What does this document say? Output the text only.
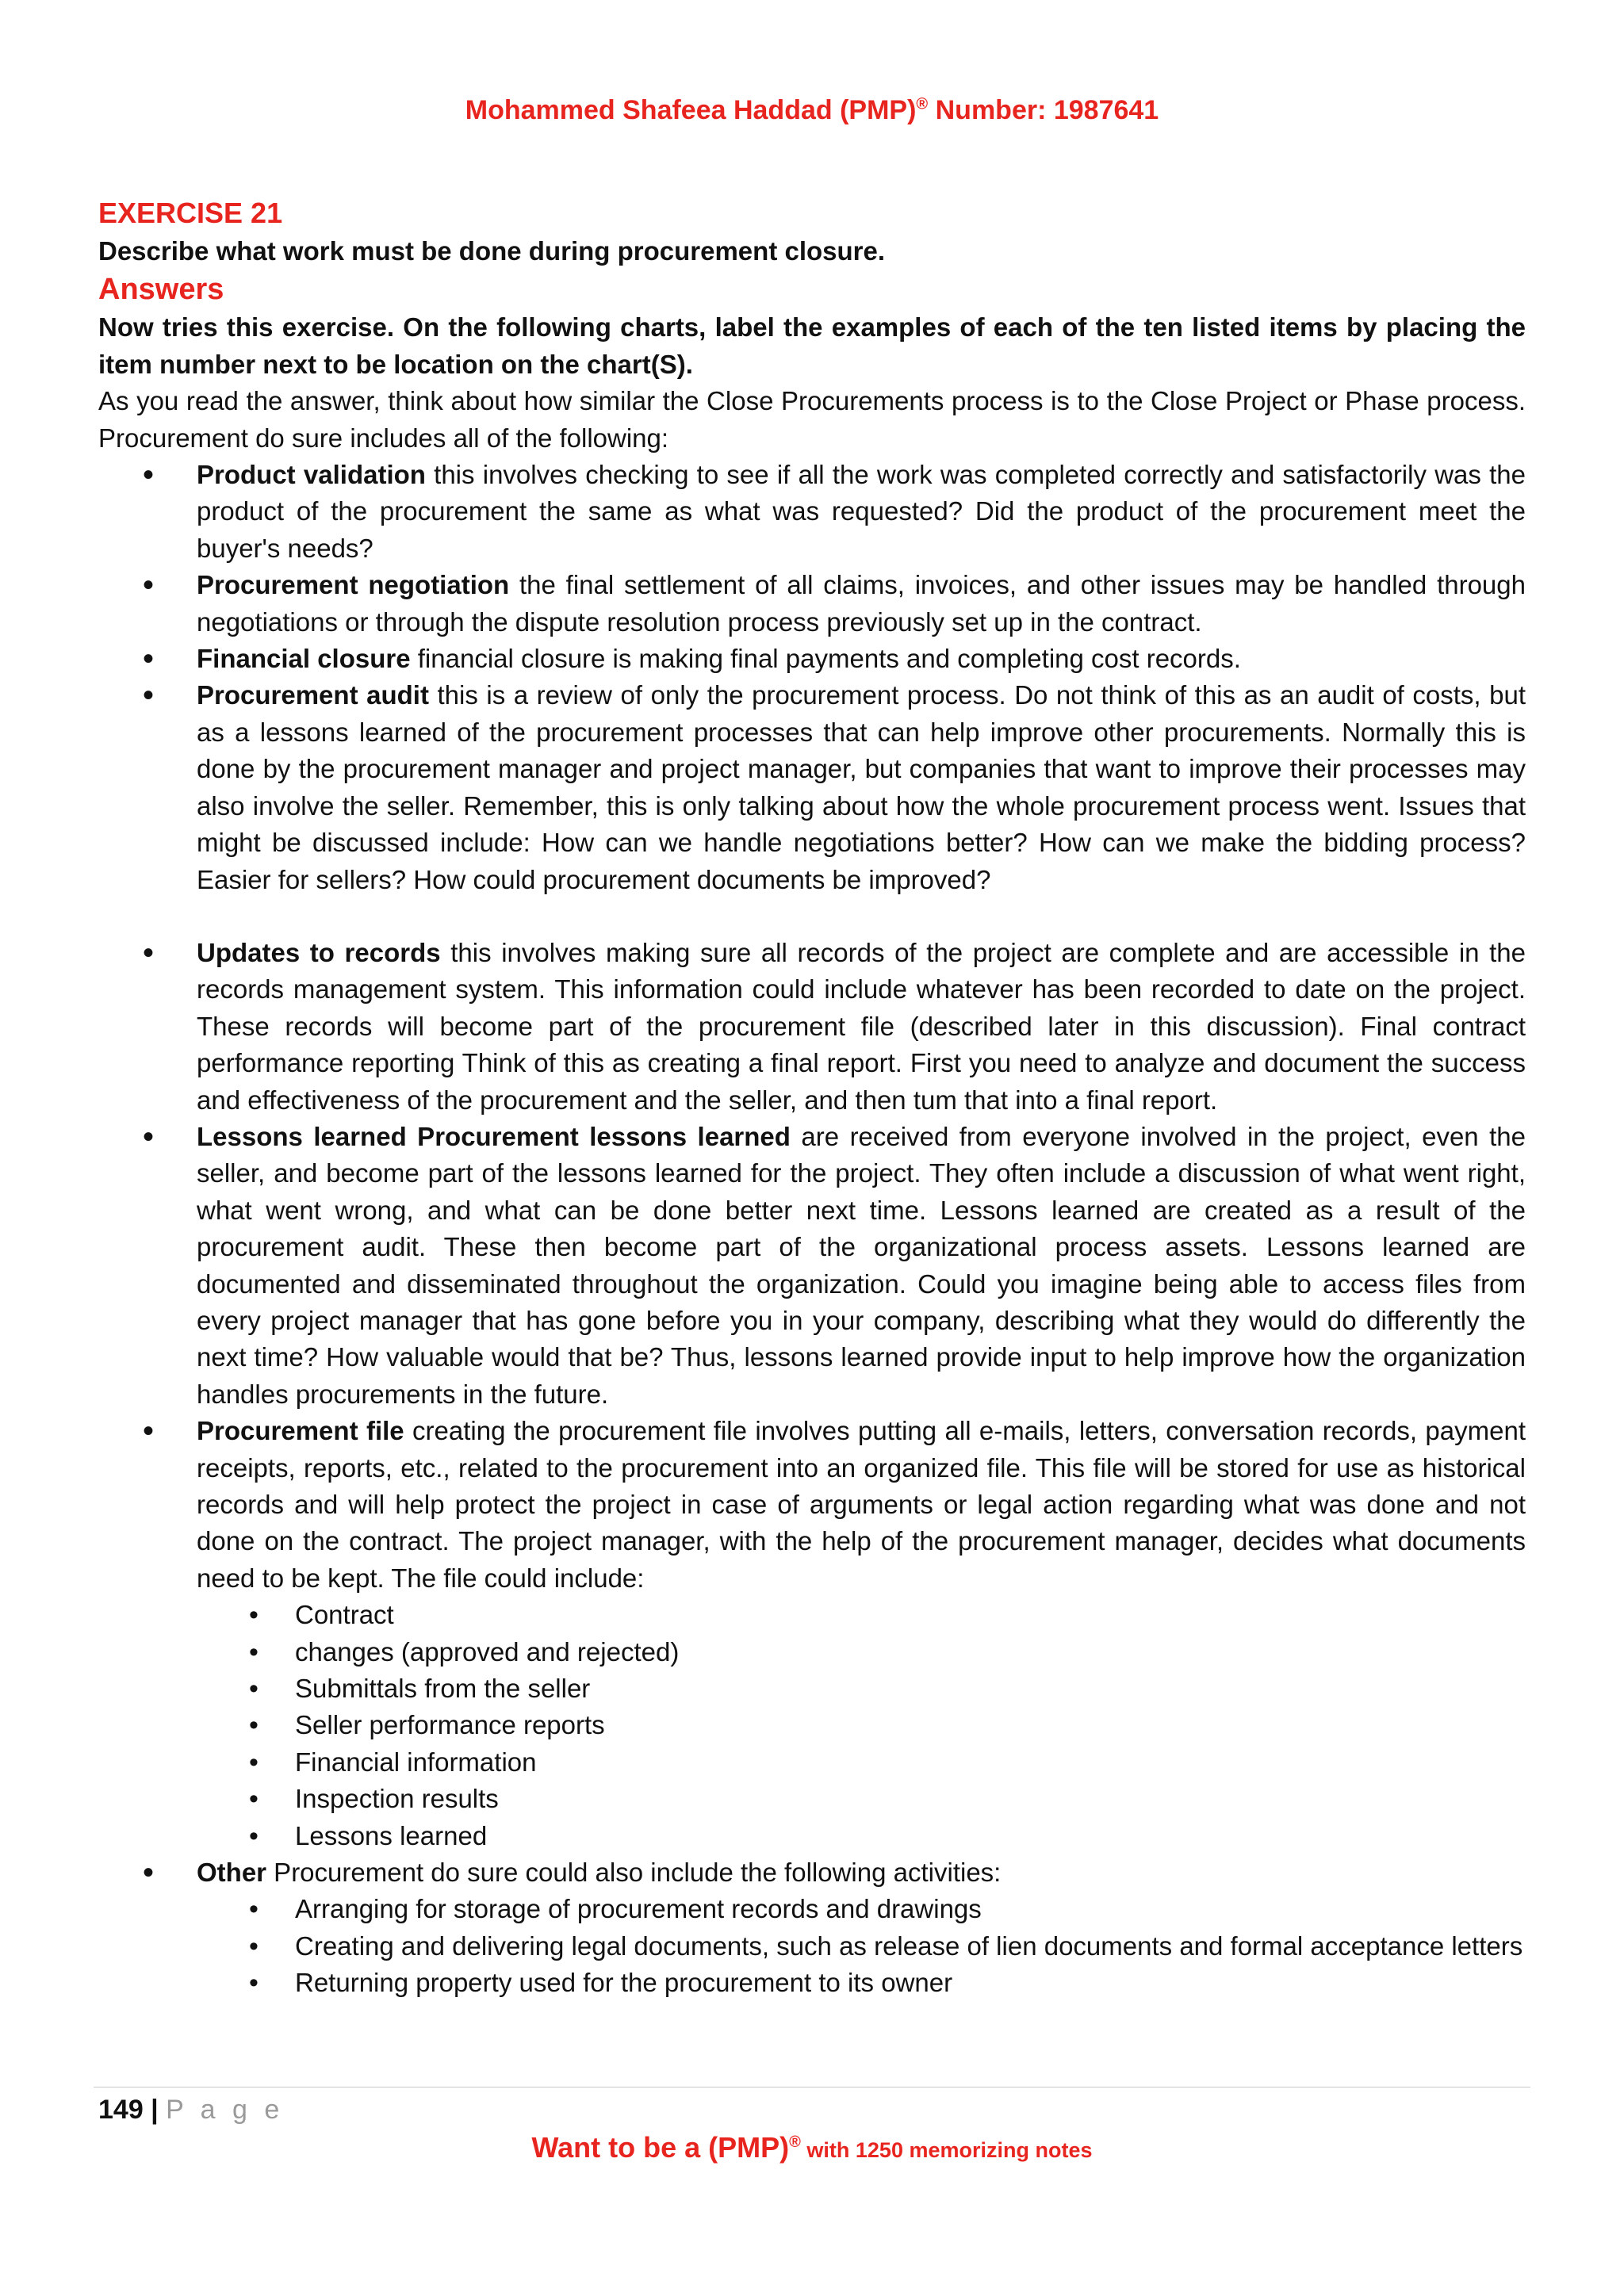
Mohammed Shafeea Haddad (PMP)® Number: 1987641
EXERCISE 21

Describe what work must be done during procurement closure.

Answers

Now tries this exercise. On the following charts, label the examples of each of the ten listed items by placing the item number next to be location on the chart(S).

As you read the answer, think about how similar the Close Procurements process is to the Close Project or Phase process. Procurement do sure includes all of the following:

• Product validation this involves checking to see if all the work was completed correctly and satisfactorily was the product of the procurement the same as what was requested? Did the product of the procurement meet the buyer's needs?
• Procurement negotiation the final settlement of all claims, invoices, and other issues may be handled through negotiations or through the dispute resolution process previously set up in the contract.
• Financial closure financial closure is making final payments and completing cost records.
• Procurement audit this is a review of only the procurement process. Do not think of this as an audit of costs, but as a lessons learned of the procurement processes that can help improve other procurements. Normally this is done by the procurement manager and project manager, but companies that want to improve their processes may also involve the seller. Remember, this is only talking about how the whole procurement process went. Issues that might be discussed include: How can we handle negotiations better? How can we make the bidding process? Easier for sellers? How could procurement documents be improved?
• Updates to records this involves making sure all records of the project are complete and are accessible in the records management system. This information could include whatever has been recorded to date on the project. These records will become part of the procurement file (described later in this discussion). Final contract performance reporting Think of this as creating a final report. First you need to analyze and document the success and effectiveness of the procurement and the seller, and then tum that into a final report.
• Lessons learned Procurement lessons learned are received from everyone involved in the project, even the seller, and become part of the lessons learned for the project. They often include a discussion of what went right, what went wrong, and what can be done better next time. Lessons learned are created as a result of the procurement audit. These then become part of the organizational process assets. Lessons learned are documented and disseminated throughout the organization. Could you imagine being able to access files from every project manager that has gone before you in your company, describing what they would do differently the next time? How valuable would that be? Thus, lessons learned provide input to help improve how the organization handles procurements in the future.
• Procurement file creating the procurement file involves putting all e-mails, letters, conversation records, payment receipts, reports, etc., related to the procurement into an organized file. This file will be stored for use as historical records and will help protect the project in case of arguments or legal action regarding what was done and not done on the contract. The project manager, with the help of the procurement manager, decides what documents need to be kept. The file could include:
• Contract
• changes (approved and rejected)
• Submittals from the seller
• Seller performance reports
• Financial information
• Inspection results
• Lessons learned
• Other Procurement do sure could also include the following activities:
• Arranging for storage of procurement records and drawings
• Creating and delivering legal documents, such as release of lien documents and formal acceptance letters
• Returning property used for the procurement to its owner
149 | P a g e
Want to be a (PMP)® with 1250 memorizing notes
